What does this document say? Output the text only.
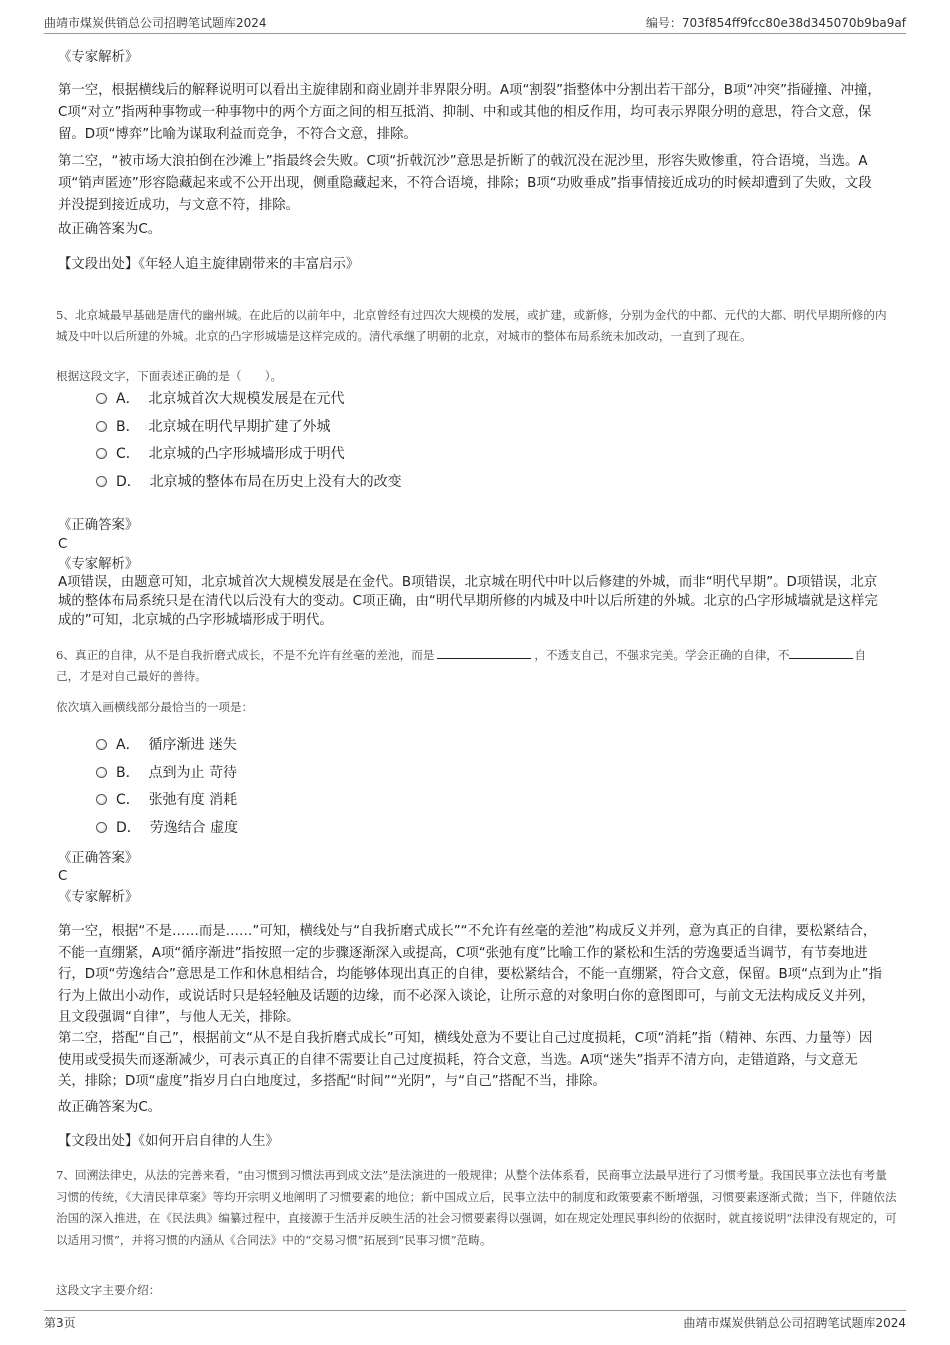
曲靖市煤炭供销总公司招聘笔试题库2024	编号：703f854ff9fcc80e38d345070b9ba9af
《专家解析》
第一空，根据横线后的解释说明可以看出主旋律剧和商业剧并非界限分明。A项“割裂”指整体中分割出若干部分，B项“冲突”指碰撞、冲撞，C项“对立”指两种事物或一种事物中的两个方面之间的相互抵消、抑制、中和或其他的相反作用，均可表示界限分明的意思，符合文意，保留。D项“博弈”比喻为谋取利益而竞争，不符合文意，排除。
第二空，“被市场大浪拍倒在沙滩上”指最终会失败。C项“折戟沉沙”意思是折断了的戟沉没在泥沙里，形容失败惨重，符合语境，当选。A项“销声匿迹”形容隐藏起来或不公开出现，侧重隐藏起来，不符合语境，排除；B项“功败垂成”指事情接近成功的时候却遭到了失败，文段并没提到接近成功，与文意不符，排除。
故正确答案为C。
【文段出处】《年轻人追主旋律剧带来的丰富启示》
5、北京城最早基础是唐代的幽州城。在此后的以前年中，北京曾经有过四次大规模的发展，或扩建，或新修，分别为金代的中都、元代的大都、明代早期所修的内城及中叶以后所建的外城。北京的凸字形城墙是这样完成的。清代承继了明朝的北京，对城市的整体布局系统未加改动，一直到了现在。
根据这段文字，下面表述正确的是（　　）。
A． 北京城首次大规模发展是在元代
B． 北京城在明代早期扩建了外城
C． 北京城的凸字形城墙形成于明代
D． 北京城的整体布局在历史上没有大的改变
《正确答案》
C
《专家解析》
A项错误，由题意可知，北京城首次大规模发展是在金代。B项错误，北京城在明代中叶以后修建的外城，而非“明代早期”。D项错误，北京城的整体布局系统只是在清代以后没有大的变动。C项正确，由“明代早期所修的内城及中叶以后所建的外城。北京的凸字形城墙就是这样完成的”可知，北京城的凸字形城墙形成于明代。
6、真正的自律，从不是自我折磨式成长，不是不允许有丝毫的差池，而是	，不透支自己，不强求完美。学会正确的自律，不	自己，才是对自己最好的善待。
依次填入画横线部分最恰当的一项是：
A． 循序渐进 迷失
B． 点到为止 苛待
C． 张弛有度 消耗
D． 劳逸结合 虚度
《正确答案》
C
《专家解析》
第一空，根据“不是……而是……”可知，横线处与“自我折磨式成长”“不允许有丝毫的差池”构成反义并列，意为真正的自律，要松紧结合，不能一直绷紧，A项“循序渐进”指按照一定的步骤逐渐深入或提高，C项“张弛有度”比喻工作的紧松和生活的劳逸要适当调节，有节奏地进行，D项“劳逸结合”意思是工作和休息相结合，均能够体现出真正的自律，要松紧结合，不能一直绷紧，符合文意，保留。B项“点到为止”指行为上做出小动作，或说话时只是轻轻触及话题的边缘，而不必深入谈论，让所示意的对象明白你的意图即可，与前文无法构成反义并列，且文段强调“自律”，与他人无关，排除。
第二空，搭配“自己”，根据前文“从不是自我折磨式成长”可知，横线处意为不要让自己过度损耗，C项“消耗”指（精神、东西、力量等）因使用或受损失而逐渐减少，可表示真正的自律不需要让自己过度损耗，符合文意，当选。A项“迷失”指弄不清方向，走错道路，与文意无关，排除；D项“虚度”指岁月白白地度过，多搭配“时间”“光阴”，与“自己”搭配不当，排除。
故正确答案为C。
【文段出处】《如何开启自律的人生》
7、回溯法律史，从法的完善来看，“由习惯到习惯法再到成文法”是法演进的一般规律；从整个法体系看，民商事立法最早进行了习惯考量。我国民事立法也有考量习惯的传统，《大清民律草案》等均开宗明义地阐明了习惯要素的地位；新中国成立后，民事立法中的制度和政策要素不断增强，习惯要素逐渐式微；当下，伴随依法治国的深入推进，在《民法典》编纂过程中，直接源于生活并反映生活的社会习惯要素得以强调，如在规定处理民事纠纷的依据时，就直接说明“法律没有规定的，可以适用习惯”，并将习惯的内涵从《合同法》中的“交易习惯”拓展到“民事习惯”范畴。
这段文字主要介绍：
第3页	曲靖市煤炭供销总公司招聘笔试题库2024
